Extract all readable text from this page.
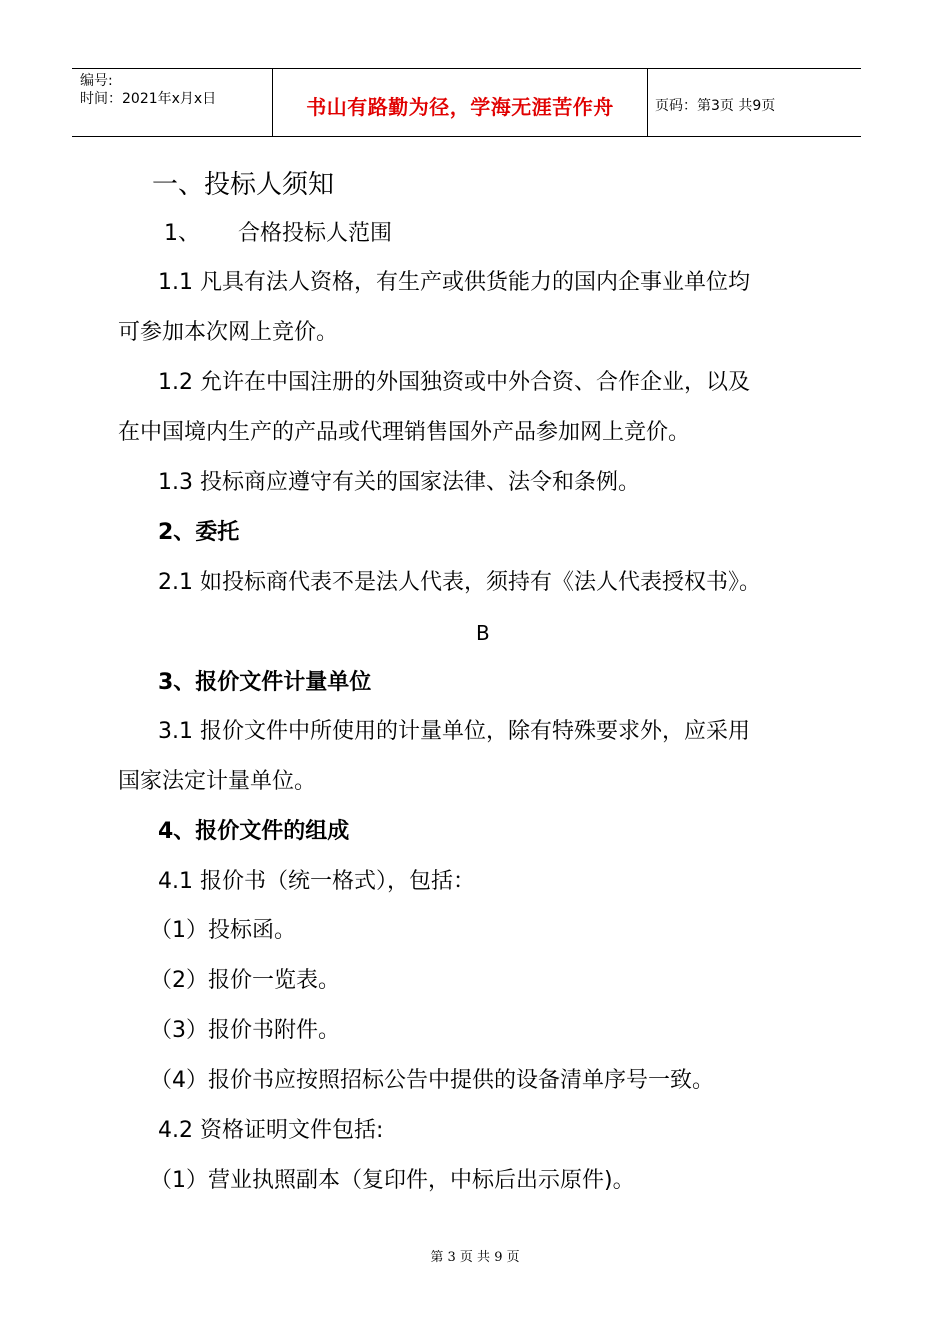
编号:
时间：2021年x月x日	书山有路勤为径，学海无涯苦作舟	页码：第3页 共9页
一、投标人须知
1、 合格投标人范围
1.1 凡具有法人资格，有生产或供货能力的国内企事业单位均
可参加本次网上竞价。
1.2 允许在中国注册的外国独资或中外合资、合作企业，以及
在中国境内生产的产品或代理销售国外产品参加网上竞价。
1.3 投标商应遵守有关的国家法律、法令和条例。
2、委托
2.1 如投标商代表不是法人代表，须持有《法人代表授权书》。
B
3、报价文件计量单位
3.1 报价文件中所使用的计量单位，除有特殊要求外，应采用
国家法定计量单位。
4、报价文件的组成
4.1 报价书（统一格式），包括：
（1）投标函。
（2）报价一览表。
（3）报价书附件。
（4）报价书应按照招标公告中提供的设备清单序号一致。
4.2 资格证明文件包括:
（1）营业执照副本（复印件，中标后出示原件)。
第 3 页 共 9 页
